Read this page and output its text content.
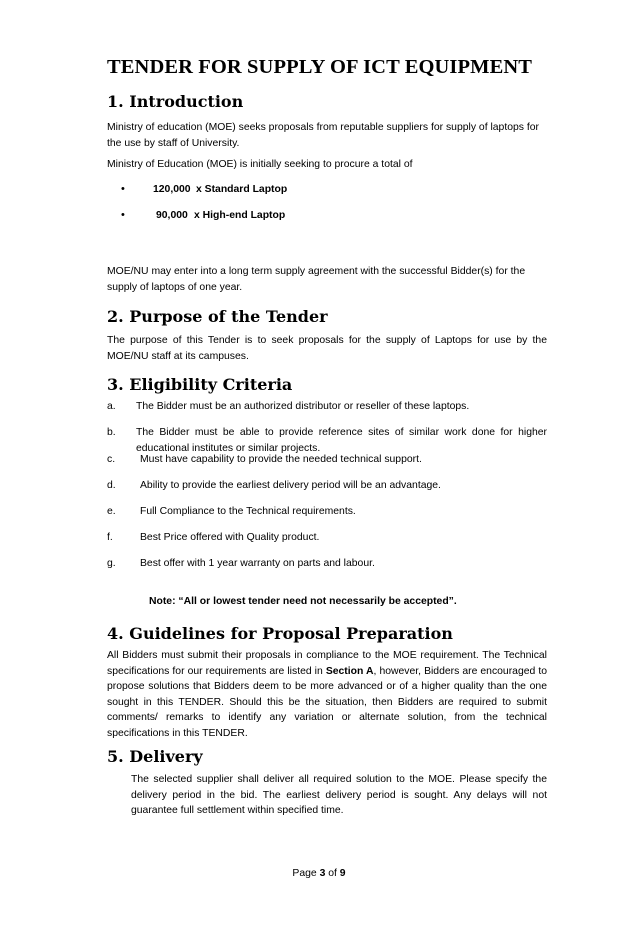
TENDER FOR SUPPLY OF ICT EQUIPMENT
1. Introduction
Ministry of education (MOE) seeks proposals from reputable suppliers for supply of laptops for the use by staff of University.
Ministry of Education (MOE) is initially seeking to procure a total of
•	120,000 x Standard Laptop
•	90,000 x High-end Laptop
MOE/NU may enter into a long term supply agreement with the successful Bidder(s) for the supply of laptops of one year.
2. Purpose of the Tender
The purpose of this Tender is to seek proposals for the supply of Laptops for use by the MOE/NU staff at its campuses.
3. Eligibility Criteria
a. The Bidder must be an authorized distributor or reseller of these laptops.
b. The Bidder must be able to provide reference sites of similar work done for higher educational institutes or similar projects.
c. Must have capability to provide the needed technical support.
d. Ability to provide the earliest delivery period will be an advantage.
e. Full Compliance to the Technical requirements.
f.	Best Price offered with Quality product.
g. Best offer with 1 year warranty on parts and labour.
Note: “All or lowest tender need not necessarily be accepted”.
4. Guidelines for Proposal Preparation
All Bidders must submit their proposals in compliance to the MOE requirement. The Technical specifications for our requirements are listed in Section A, however, Bidders are encouraged to propose solutions that Bidders deem to be more advanced or of a higher quality than the one sought in this TENDER. Should this be the situation, then Bidders are required to submit comments/ remarks to identify any variation or alternate solution, from the technical specifications in this TENDER.
5. Delivery
The selected supplier shall deliver all required solution to the MOE. Please specify the delivery period in the bid. The earliest delivery period is sought. Any delays will not guarantee full settlement within specified time.
Page 3 of 9
